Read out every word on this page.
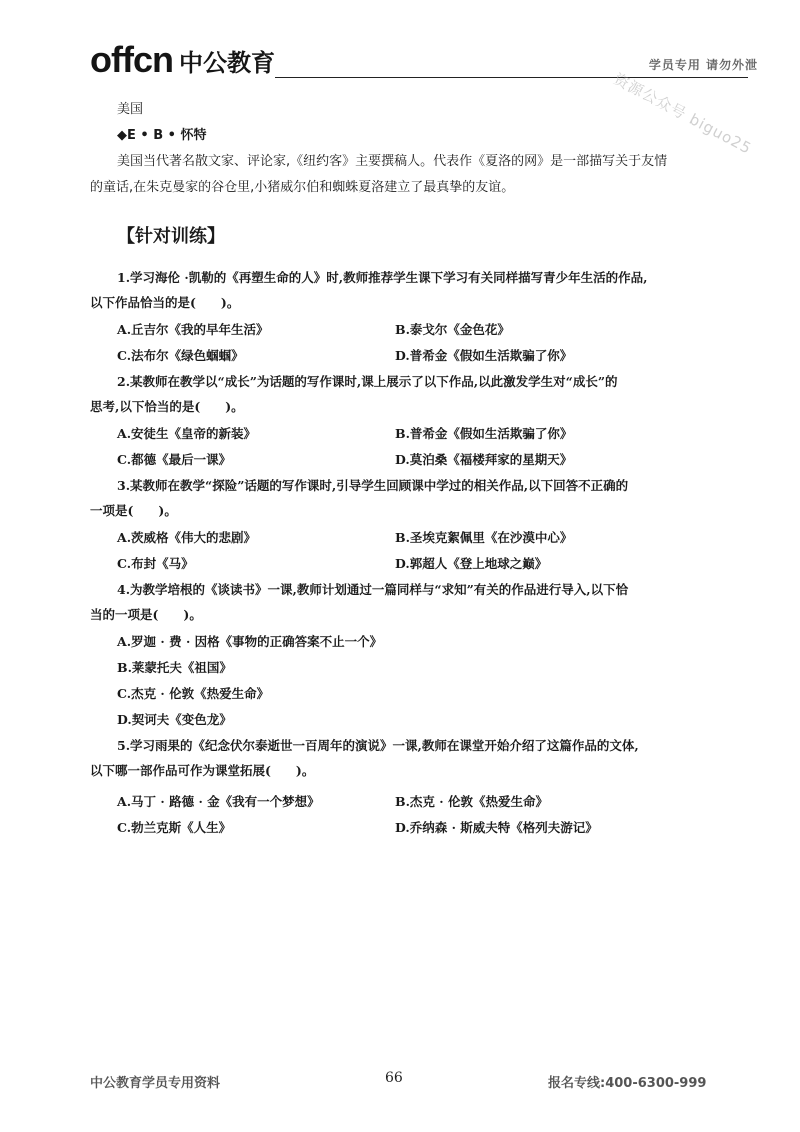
offcn 中公教育	学员专用 请勿外泄
资源公众号 biguo25
美国
◆E • B • 怀特
美国当代著名散文家、评论家,《纽约客》主要撰稿人。代表作《夏洛的网》是一部描写关于友情
的童话,在朱克曼家的谷仓里,小猪威尔伯和蜘蛛夏洛建立了最真挚的友谊。
【针对训练】
1.学习海伦 ·凯勒的《再塑生命的人》时,教师推荐学生课下学习有关同样描写青少年生活的作品,
以下作品恰当的是(　　)。
A.丘吉尔《我的早年生活》	B.泰戈尔《金色花》
C.法布尔《绿色蝈蝈》	D.普希金《假如生活欺骗了你》
2.某教师在教学以“成长”为话题的写作课时,课上展示了以下作品,以此激发学生对“成长”的
思考,以下恰当的是(　　)。
A.安徒生《皇帝的新装》	B.普希金《假如生活欺骗了你》
C.都德《最后一课》	D.莫泊桑《福楼拜家的星期天》
3.某教师在教学“探险”话题的写作课时,引导学生回顾课中学过的相关作品,以下回答不正确的
一项是(　　)。
A.茨威格《伟大的悲剧》	B.圣埃克絮佩里《在沙漠中心》
C.布封《马》	D.郭超人《登上地球之巅》
4.为教学培根的《谈读书》一课,教师计划通过一篇同样与“求知”有关的作品进行导入,以下恰
当的一项是(　　)。
A.罗迦 · 费 · 因格《事物的正确答案不止一个》
B.莱蒙托夫《祖国》
C.杰克 · 伦敦《热爱生命》
D.契诃夫《变色龙》
5.学习雨果的《纪念伏尔泰逝世一百周年的演说》一课,教师在课堂开始介绍了这篇作品的文体,
以下哪一部作品可作为课堂拓展(　　)。
A.马丁 · 路德 · 金《我有一个梦想》	B.杰克 · 伦敦《热爱生命》
C.勃兰克斯《人生》	D.乔纳森 · 斯威夫特《格列夫游记》
中公教育学员专用资料	66	报名专线:400-6300-999
